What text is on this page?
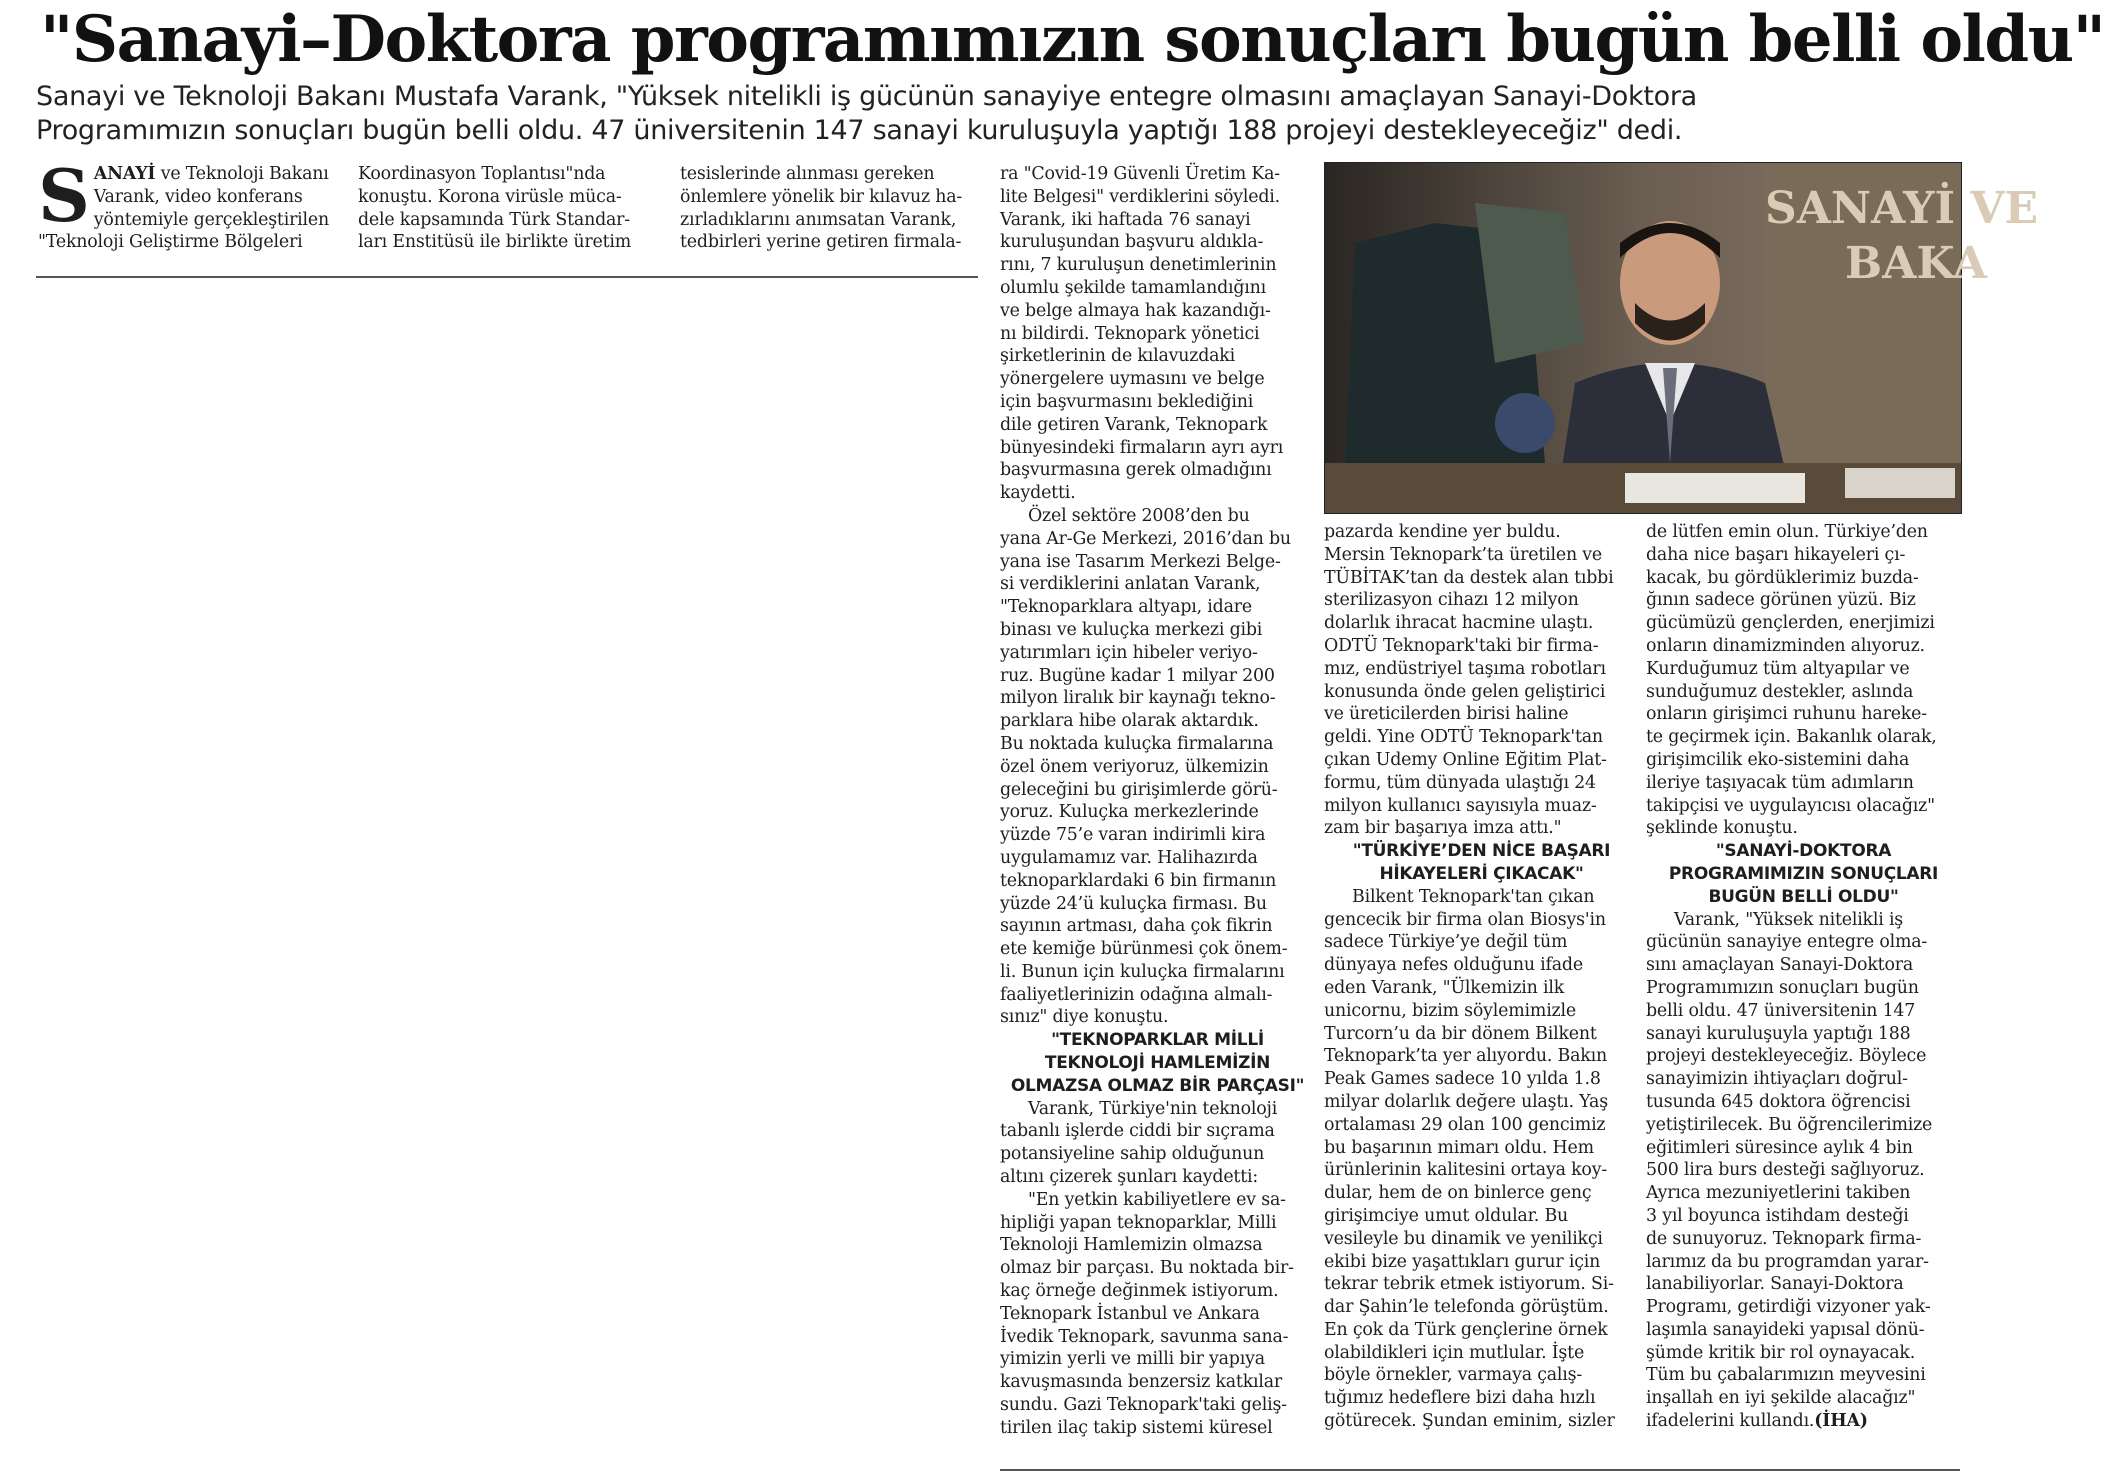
"Sanayi–Doktora programımızın sonuçları bugün belli oldu"
Sanayi ve Teknoloji Bakanı Mustafa Varank, "Yüksek nitelikli iş gücünün sanayiye entegre olmasını amaçlayan Sanayi-Doktora
Programımızın sonuçları bugün belli oldu. 47 üniversitenin 147 sanayi kuruluşuyla yaptığı 188 projeyi destekleyeceğiz" dedi.
S ANAYİ ve Teknoloji Bakanı
Varank, video konferans
yöntemiyle gerçekleştirilen
"Teknoloji Geliştirme Bölgeleri
Koordinasyon Toplantısı"nda
konuştu. Korona virüsle müca-
dele kapsamında Türk Standar-
ları Enstitüsü ile birlikte üretim
tesislerinde alınması gereken
önlemlere yönelik bir kılavuz ha-
zırladıklarını anımsatan Varank,
tedbirleri yerine getiren firmala-
ra "Covid-19 Güvenli Üretim Ka-
lite Belgesi" verdiklerini söyledi.
Varank, iki haftada 76 sanayi
kuruluşundan başvuru aldıkla-
rını, 7 kuruluşun denetimlerinin
olumlu şekilde tamamlandığını
ve belge almaya hak kazandığı-
nı bildirdi. Teknopark yönetici
şirketlerinin de kılavuzdaki
yönergelere uymasını ve belge
için başvurmasını beklediğini
dile getiren Varank, Teknopark
bünyesindeki firmaların ayrı ayrı
başvurmasına gerek olmadığını
kaydetti.
Özel sektöre 2008’den bu
yana Ar-Ge Merkezi, 2016’dan bu
yana ise Tasarım Merkezi Belge-
si verdiklerini anlatan Varank,
"Teknoparklara altyapı, idare
binası ve kuluçka merkezi gibi
yatırımları için hibeler veriyo-
ruz. Bugüne kadar 1 milyar 200
milyon liralık bir kaynağı tekno-
parklara hibe olarak aktardık.
Bu noktada kuluçka firmalarına
özel önem veriyoruz, ülkemizin
geleceğini bu girişimlerde görü-
yoruz. Kuluçka merkezlerinde
yüzde 75’e varan indirimli kira
uygulamamız var. Halihazırda
teknoparklardaki 6 bin firmanın
yüzde 24’ü kuluçka firması. Bu
sayının artması, daha çok fikrin
ete kemiğe bürünmesi çok önem-
li. Bunun için kuluçka firmalarını
faaliyetlerinizin odağına almalı-
sınız" diye konuştu.
"TEKNOPARKLAR MİLLİ
TEKNOLOJİ HAMLEMİZİN
OLMAZSA OLMAZ BİR PARÇASI"
Varank, Türkiye'nin teknoloji
tabanlı işlerde ciddi bir sıçrama
potansiyeline sahip olduğunun
altını çizerek şunları kaydetti:
"En yetkin kabiliyetlere ev sa-
hipliği yapan teknoparklar, Milli
Teknoloji Hamlemizin olmazsa
olmaz bir parçası. Bu noktada bir-
kaç örneğe değinmek istiyorum.
Teknopark İstanbul ve Ankara
İvedik Teknopark, savunma sana-
yimizin yerli ve milli bir yapıya
kavuşmasında benzersiz katkılar
sundu. Gazi Teknopark'taki geliş-
tirilen ilaç takip sistemi küresel
SANAYİ VE
BAKA
pazarda kendine yer buldu.
Mersin Teknopark’ta üretilen ve
TÜBİTAK’tan da destek alan tıbbi
sterilizasyon cihazı 12 milyon
dolarlık ihracat hacmine ulaştı.
ODTÜ Teknopark'taki bir firma-
mız, endüstriyel taşıma robotları
konusunda önde gelen geliştirici
ve üreticilerden birisi haline
geldi. Yine ODTÜ Teknopark'tan
çıkan Udemy Online Eğitim Plat-
formu, tüm dünyada ulaştığı 24
milyon kullanıcı sayısıyla muaz-
zam bir başarıya imza attı."
"TÜRKİYE’DEN NİCE BAŞARI
HİKAYELERİ ÇIKACAK"
Bilkent Teknopark'tan çıkan
gencecik bir firma olan Biosys'in
sadece Türkiye’ye değil tüm
dünyaya nefes olduğunu ifade
eden Varank, "Ülkemizin ilk
unicornu, bizim söylemimizle
Turcorn’u da bir dönem Bilkent
Teknopark’ta yer alıyordu. Bakın
Peak Games sadece 10 yılda 1.8
milyar dolarlık değere ulaştı. Yaş
ortalaması 29 olan 100 gencimiz
bu başarının mimarı oldu. Hem
ürünlerinin kalitesini ortaya koy-
dular, hem de on binlerce genç
girişimciye umut oldular. Bu
vesileyle bu dinamik ve yenilikçi
ekibi bize yaşattıkları gurur için
tekrar tebrik etmek istiyorum. Si-
dar Şahin’le telefonda görüştüm.
En çok da Türk gençlerine örnek
olabildikleri için mutlular. İşte
böyle örnekler, varmaya çalış-
tığımız hedeflere bizi daha hızlı
götürecek. Şundan eminim, sizler
de lütfen emin olun. Türkiye’den
daha nice başarı hikayeleri çı-
kacak, bu gördüklerimiz buzda-
ğının sadece görünen yüzü. Biz
gücümüzü gençlerden, enerjimizi
onların dinamizminden alıyoruz.
Kurduğumuz tüm altyapılar ve
sunduğumuz destekler, aslında
onların girişimci ruhunu hareke-
te geçirmek için. Bakanlık olarak,
girişimcilik eko-sistemini daha
ileriye taşıyacak tüm adımların
takipçisi ve uygulayıcısı olacağız"
şeklinde konuştu.
"SANAYİ-DOKTORA
PROGRAMIMIZIN SONUÇLARI
BUGÜN BELLİ OLDU"
Varank, "Yüksek nitelikli iş
gücünün sanayiye entegre olma-
sını amaçlayan Sanayi-Doktora
Programımızın sonuçları bugün
belli oldu. 47 üniversitenin 147
sanayi kuruluşuyla yaptığı 188
projeyi destekleyeceğiz. Böylece
sanayimizin ihtiyaçları doğrul-
tusunda 645 doktora öğrencisi
yetiştirilecek. Bu öğrencilerimize
eğitimleri süresince aylık 4 bin
500 lira burs desteği sağlıyoruz.
Ayrıca mezuniyetlerini takiben
3 yıl boyunca istihdam desteği
de sunuyoruz. Teknopark firma-
larımız da bu programdan yarar-
lanabiliyorlar. Sanayi-Doktora
Programı, getirdiği vizyoner yak-
laşımla sanayideki yapısal dönü-
şümde kritik bir rol oynayacak.
Tüm bu çabalarımızın meyvesini
inşallah en iyi şekilde alacağız"
ifadelerini kullandı.(İHA)
